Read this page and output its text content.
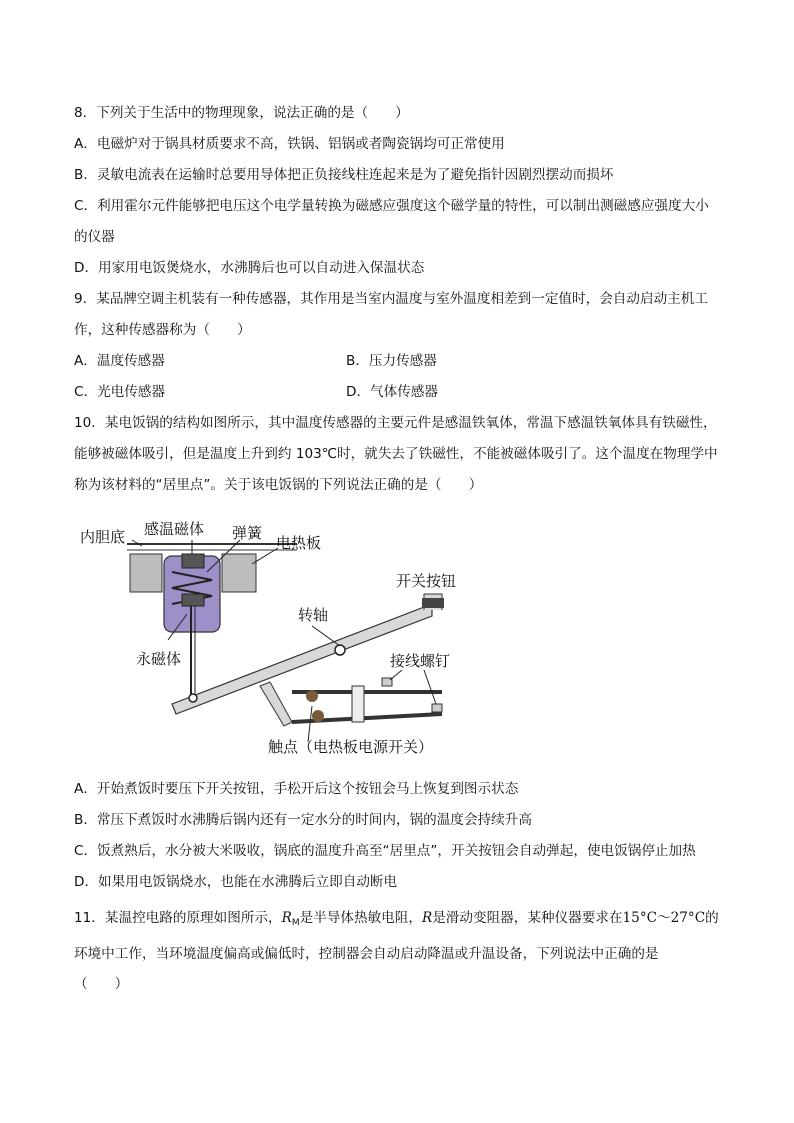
8．下列关于生活中的物理现象，说法正确的是（　　）
A．电磁炉对于锅具材质要求不高，铁锅、铝锅或者陶瓷锅均可正常使用
B．灵敏电流表在运输时总要用导体把正负接线柱连起来是为了避免指针因剧烈摆动而损坏
C．利用霍尔元件能够把电压这个电学量转换为磁感应强度这个磁学量的特性，可以制出测磁感应强度大小
的仪器
D．用家用电饭煲烧水，水沸腾后也可以自动进入保温状态
9．某品牌空调主机装有一种传感器，其作用是当室内温度与室外温度相差到一定值时，会自动启动主机工
作，这种传感器称为（　　）
A．温度传感器	B．压力传感器
C．光电传感器	D．气体传感器
10．某电饭锅的结构如图所示，其中温度传感器的主要元件是感温铁氧体，常温下感温铁氧体具有铁磁性，
能够被磁体吸引，但是温度上升到约 103℃时，就失去了铁磁性，不能被磁体吸引了。这个温度在物理学中
称为该材料的“居里点”。关于该电饭锅的下列说法正确的是（　　）
内胆底 感温磁体 弹簧
电热板
开关按钮
转轴
接线螺钉
永磁体
触点（电热板电源开关）
A．开始煮饭时要压下开关按钮，手松开后这个按钮会马上恢复到图示状态
B．常压下煮饭时水沸腾后锅内还有一定水分的时间内，锅的温度会持续升高
C．饭煮熟后，水分被大米吸收，锅底的温度升高至“居里点”，开关按钮会自动弹起，使电饭锅停止加热
D．如果用电饭锅烧水，也能在水沸腾后立即自动断电
11．某温控电路的原理如图所示，$R_M$是半导体热敏电阻，R是滑动变阻器，某种仪器要求在15°C～27°C的
环境中工作，当环境温度偏高或偏低时，控制器会自动启动降温或升温设备，下列说法中正确的是
（　　）
